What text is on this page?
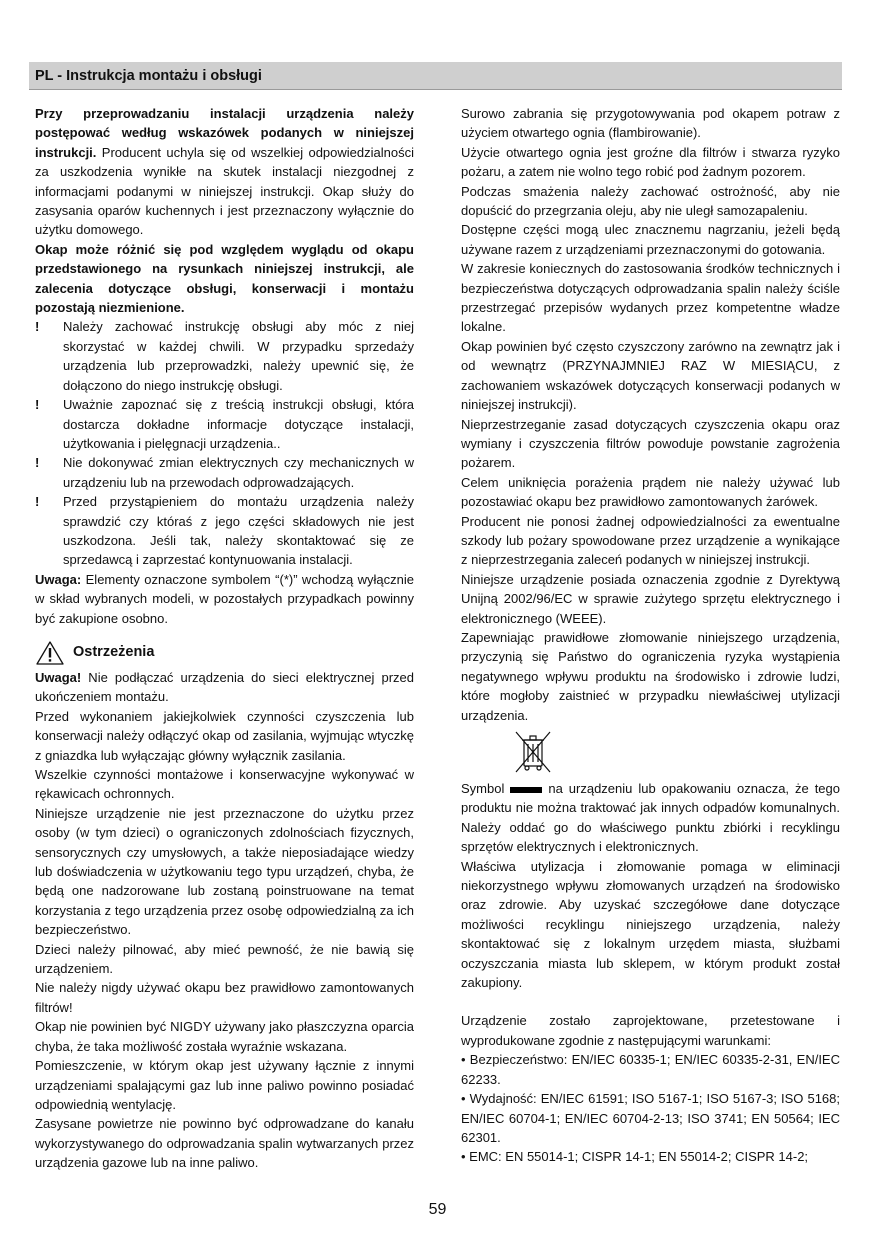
PL - Instrukcja montażu i obsługi

Przy przeprowadzaniu instalacji urządzenia należy postępować według wskazówek podanych w niniejszej instrukcji. Producent uchyla się od wszelkiej odpowiedzialności za uszkodzenia wynikłe na skutek instalacji niezgodnej z informacjami podanymi w niniejszej instrukcji. Okap służy do zasysania oparów kuchennych i jest przeznaczony wyłącznie do użytku domowego.

Okap może różnić się pod względem wyglądu od okapu przedstawionego na rysunkach niniejszej instrukcji, ale zalecenia dotyczące obsługi, konserwacji i montażu pozostają niezmienione.

!	Należy zachować instrukcję obsługi aby móc z niej skorzystać w każdej chwili. W przypadku sprzedaży urządzenia lub przeprowadzki, należy upewnić się, że dołączono do niego instrukcję obsługi.
!	Uważnie zapoznać się z treścią instrukcji obsługi, która dostarcza dokładne informacje dotyczące instalacji, użytkowania i pielęgnacji urządzenia..
!	Nie dokonywać zmian elektrycznych czy mechanicznych w urządzeniu lub na przewodach odprowadzających.
!	Przed przystąpieniem do montażu urządzenia należy sprawdzić czy któraś z jego części składowych nie jest uszkodzona. Jeśli tak, należy skontaktować się ze sprzedawcą i zaprzestać kontynuowania instalacji.

Uwaga: Elementy oznaczone symbolem “(*)” wchodzą wyłącznie w skład wybranych modeli, w pozostałych przypadkach powinny być zakupione osobno.

Ostrzeżenia

Uwaga! Nie podłączać urządzenia do sieci elektrycznej przed ukończeniem montażu.

Przed wykonaniem jakiejkolwiek czynności czyszczenia lub konserwacji należy odłączyć okap od zasilania, wyjmując wtyczkę z gniazdka lub wyłączając główny wyłącznik zasilania.

Wszelkie czynności montażowe i konserwacyjne wykonywać w rękawicach ochronnych.

Niniejsze urządzenie nie jest przeznaczone do użytku przez osoby (w tym dzieci) o ograniczonych zdolnościach fizycznych, sensorycznych czy umysłowych, a także nieposiadające wiedzy lub doświadczenia w użytkowaniu tego typu urządzeń, chyba, że będą one nadzorowane lub zostaną poinstruowane na temat korzystania z tego urządzenia przez osobę odpowiedzialną za ich bezpieczeństwo.

Dzieci należy pilnować, aby mieć pewność, że nie bawią się urządzeniem.

Nie należy nigdy używać okapu bez prawidłowo zamontowanych filtrów!

Okap nie powinien być NIGDY używany jako płaszczyzna oparcia chyba, że taka możliwość została wyraźnie wskazana.

Pomieszczenie, w którym okap jest używany łącznie z innymi urządzeniami spalającymi gaz lub inne paliwo powinno posiadać odpowiednią wentylację.

Zasysane powietrze nie powinno być odprowadzane do kanału wykorzystywanego do odprowadzania spalin wytwarzanych przez urządzenia gazowe lub na inne paliwo.

Surowo zabrania się przygotowywania pod okapem potraw z użyciem otwartego ognia (flambirowanie).

Użycie otwartego ognia jest groźne dla filtrów i stwarza ryzyko pożaru, a zatem nie wolno tego robić pod żadnym pozorem.

Podczas smażenia należy zachować ostrożność, aby nie dopuścić do przegrzania oleju, aby nie uległ samozapaleniu.

Dostępne części mogą ulec znacznemu nagrzaniu, jeżeli będą używane razem z urządzeniami przeznaczonymi do gotowania.

W zakresie koniecznych do zastosowania środków technicznych i bezpieczeństwa dotyczących odprowadzania spalin należy ściśle przestrzegać przepisów wydanych przez kompetentne władze lokalne.

Okap powinien być często czyszczony zarówno na zewnątrz jak i od wewnątrz (PRZYNAJMNIEJ RAZ W MIESIĄCU, z zachowaniem wskazówek dotyczących konserwacji podanych w niniejszej instrukcji).

Nieprzestrzeganie zasad dotyczących czyszczenia okapu oraz wymiany i czyszczenia filtrów powoduje powstanie zagrożenia pożarem.

Celem uniknięcia porażenia prądem nie należy używać lub pozostawiać okapu bez prawidłowo zamontowanych żarówek.

Producent nie ponosi żadnej odpowiedzialności za ewentualne szkody lub pożary spowodowane przez urządzenie a wynikające z nieprzestrzegania zaleceń podanych w niniejszej instrukcji.

Niniejsze urządzenie posiada oznaczenia zgodnie z Dyrektywą Unijną 2002/96/EC w sprawie zużytego sprzętu elektrycznego i elektronicznego (WEEE).

Zapewniając prawidłowe złomowanie niniejszego urządzenia, przyczynią się Państwo do ograniczenia ryzyka wystąpienia negatywnego wpływu produktu na środowisko i zdrowie ludzi, które mogłoby zaistnieć w przypadku niewłaściwej utylizacji urządzenia.

Symbol	na urządzeniu lub opakowaniu oznacza, że tego produktu nie można traktować jak innych odpadów komunalnych. Należy oddać go do właściwego punktu zbiórki i recyklingu sprzętów elektrycznych i elektronicznych.

Właściwa utylizacja i złomowanie pomaga w eliminacji niekorzystnego wpływu złomowanych urządzeń na środowisko oraz zdrowie. Aby uzyskać szczegółowe dane dotyczące możliwości recyklingu niniejszego urządzenia, należy skontaktować się z lokalnym urzędem miasta, służbami oczyszczania miasta lub sklepem, w którym produkt został zakupiony.

Urządzenie zostało zaprojektowane, przetestowane i wyprodukowane zgodnie z następującymi warunkami:

• Bezpieczeństwo: EN/IEC 60335-1; EN/IEC 60335-2-31, EN/IEC 62233.

• Wydajność: EN/IEC 61591; ISO 5167-1; ISO 5167-3; ISO 5168; EN/IEC 60704-1; EN/IEC 60704-2-13; ISO 3741; EN 50564; IEC 62301.

• EMC: EN 55014-1; CISPR 14-1; EN 55014-2; CISPR 14-2;

59
